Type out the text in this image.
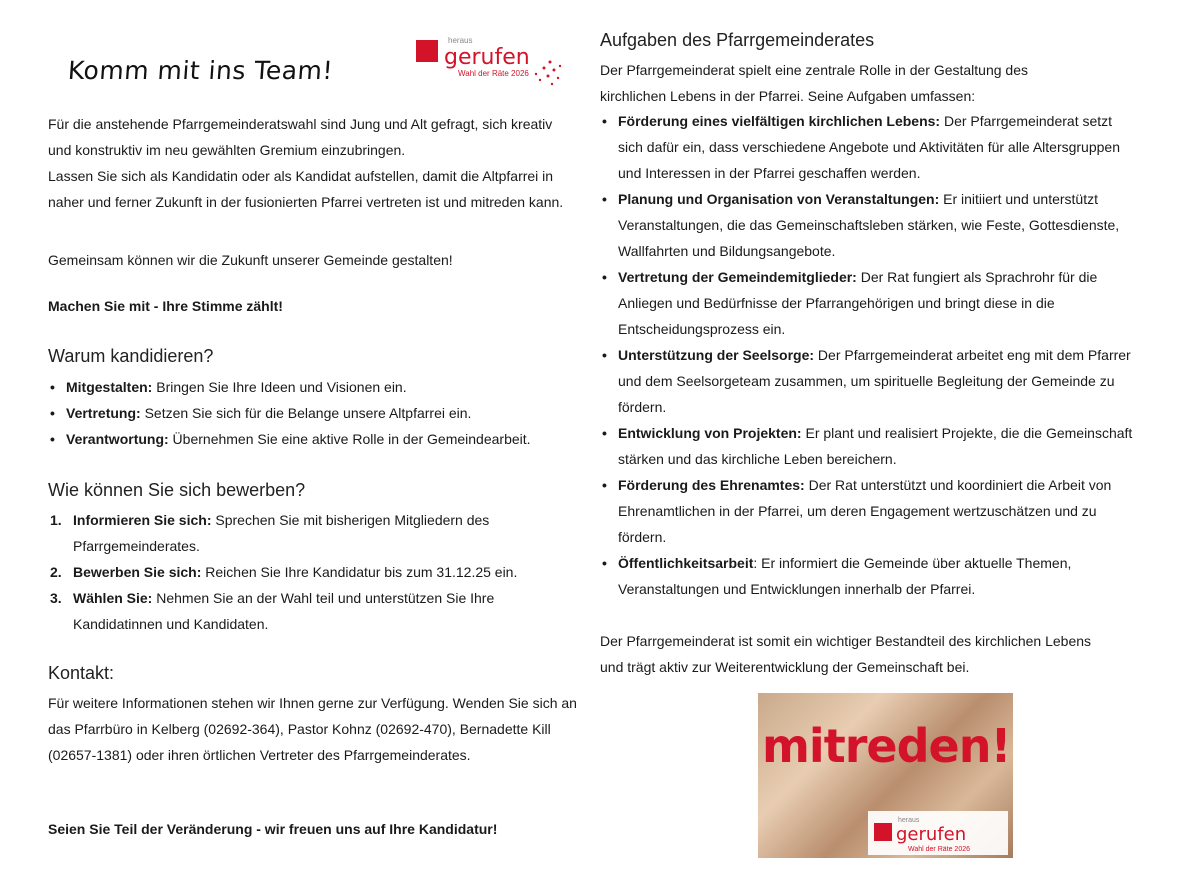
Komm mit ins Team!
heraus
gerufen
Wahl der Räte 2026

Für die anstehende Pfarrgemeinderatswahl sind Jung und Alt gefragt, sich kreativ und konstruktiv im neu gewählten Gremium einzubringen.

Lassen Sie sich als Kandidatin oder als Kandidat aufstellen, damit die Altpfarrei in naher und ferner Zukunft in der fusionierten Pfarrei vertreten ist und mitreden kann.

Gemeinsam können wir die Zukunft unserer Gemeinde gestalten!

Machen Sie mit - Ihre Stimme zählt!

Warum kandidieren?
• Mitgestalten: Bringen Sie Ihre Ideen und Visionen ein.
• Vertretung: Setzen Sie sich für die Belange unsere Altpfarrei ein.
• Verantwortung: Übernehmen Sie eine aktive Rolle in der Gemeindearbeit.
Wie können Sie sich bewerben?
1. Informieren Sie sich: Sprechen Sie mit bisherigen Mitgliedern des Pfarrgemeinderates.
2. Bewerben Sie sich: Reichen Sie Ihre Kandidatur bis zum 31.12.25 ein.
3. Wählen Sie: Nehmen Sie an der Wahl teil und unterstützen Sie Ihre Kandidatinnen und Kandidaten.
Kontakt:

Für weitere Informationen stehen wir Ihnen gerne zur Verfügung. Wenden Sie sich an das Pfarrbüro in Kelberg (02692-364), Pastor Kohnz (02692-470), Bernadette Kill (02657-1381) oder ihren örtlichen Vertreter des Pfarrgemeinderates.

Seien Sie Teil der Veränderung - wir freuen uns auf Ihre Kandidatur!

Aufgaben des Pfarrgemeinderates

Der Pfarrgemeinderat spielt eine zentrale Rolle in der Gestaltung des kirchlichen Lebens in der Pfarrei. Seine Aufgaben umfassen:

• Förderung eines vielfältigen kirchlichen Lebens: Der Pfarrgemeinderat setzt sich dafür ein, dass verschiedene Angebote und Aktivitäten für alle Altersgruppen und Interessen in der Pfarrei geschaffen werden.
• Planung und Organisation von Veranstaltungen: Er initiiert und unterstützt Veranstaltungen, die das Gemeinschaftsleben stärken, wie Feste, Gottesdienste, Wallfahrten und Bildungsangebote.
• Vertretung der Gemeindemitglieder: Der Rat fungiert als Sprachrohr für die Anliegen und Bedürfnisse der Pfarrangehörigen und bringt diese in die Entscheidungsprozess ein.
• Unterstützung der Seelsorge: Der Pfarrgemeinderat arbeitet eng mit dem Pfarrer und dem Seelsorgeteam zusammen, um spirituelle Begleitung der Gemeinde zu fördern.
• Entwicklung von Projekten: Er plant und realisiert Projekte, die die Gemeinschaft stärken und das kirchliche Leben bereichern.
• Förderung des Ehrenamtes: Der Rat unterstützt und koordiniert die Arbeit von Ehrenamtlichen in der Pfarrei, um deren Engagement wertzuschätzen und zu fördern.
• Öffentlichkeitsarbeit: Er informiert die Gemeinde über aktuelle Themen, Veranstaltungen und Entwicklungen innerhalb der Pfarrei.

Der Pfarrgemeinderat ist somit ein wichtiger Bestandteil des kirchlichen Lebens und trägt aktiv zur Weiterentwicklung der Gemeinschaft bei.

mitreden!
heraus
gerufen
Wahl der Räte 2026
